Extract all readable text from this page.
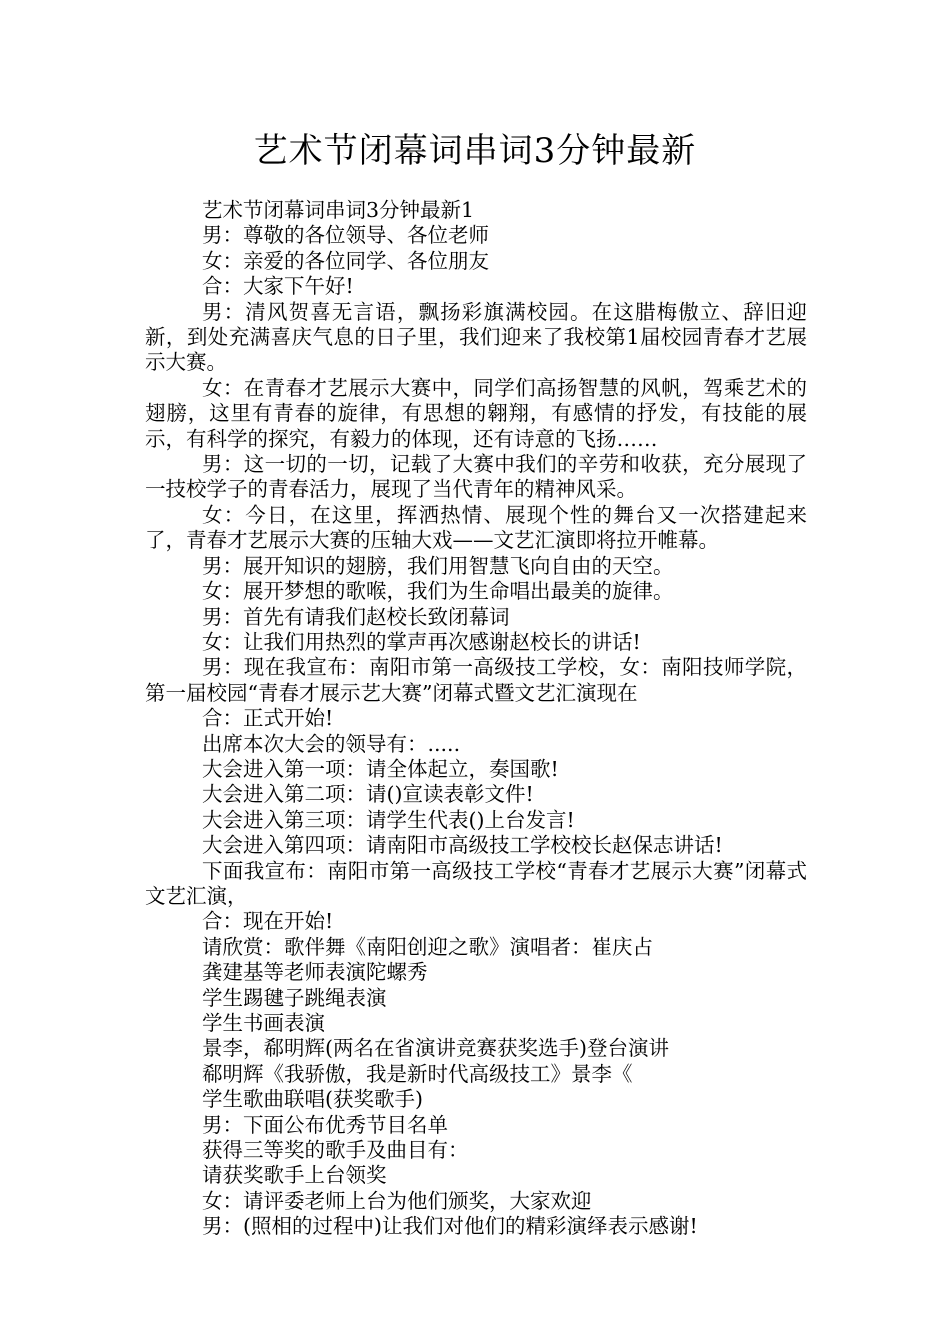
艺术节闭幕词串词3分钟最新

艺术节闭幕词串词3分钟最新1

男：尊敬的各位领导、各位老师

女：亲爱的各位同学、各位朋友

合：大家下午好!

男：清风贺喜无言语，飘扬彩旗满校园。在这腊梅傲立、辞旧迎新，到处充满喜庆气息的日子里，我们迎来了我校第1届校园青春才艺展示大赛。

女：在青春才艺展示大赛中，同学们高扬智慧的风帆，驾乘艺术的翅膀，这里有青春的旋律，有思想的翱翔，有感情的抒发，有技能的展示，有科学的探究，有毅力的体现，还有诗意的飞扬……

男：这一切的一切，记载了大赛中我们的辛劳和收获，充分展现了一技校学子的青春活力，展现了当代青年的精神风采。

女：今日，在这里，挥洒热情、展现个性的舞台又一次搭建起来了，青春才艺展示大赛的压轴大戏——文艺汇演即将拉开帷幕。

男：展开知识的翅膀，我们用智慧飞向自由的天空。

女：展开梦想的歌喉，我们为生命唱出最美的旋律。

男：首先有请我们赵校长致闭幕词

女：让我们用热烈的掌声再次感谢赵校长的讲话!

男：现在我宣布：南阳市第一高级技工学校，女：南阳技师学院，第一届校园“青春才展示艺大赛”闭幕式暨文艺汇演现在

合：正式开始!

出席本次大会的领导有：.....

大会进入第一项：请全体起立，奏国歌!

大会进入第二项：请()宣读表彰文件!

大会进入第三项：请学生代表()上台发言!

大会进入第四项：请南阳市高级技工学校校长赵保志讲话!

下面我宣布：南阳市第一高级技工学校“青春才艺展示大赛”闭幕式文艺汇演，

合：现在开始!

请欣赏：歌伴舞《南阳创迎之歌》演唱者：崔庆占

龚建基等老师表演陀螺秀

学生踢毽子跳绳表演

学生书画表演

景李，郗明辉(两名在省演讲竞赛获奖选手)登台演讲

郗明辉《我骄傲，我是新时代高级技工》景李《

学生歌曲联唱(获奖歌手)

男：下面公布优秀节目名单

获得三等奖的歌手及曲目有：

请获奖歌手上台领奖

女：请评委老师上台为他们颁奖，大家欢迎

男：(照相的过程中)让我们对他们的精彩演绎表示感谢!
